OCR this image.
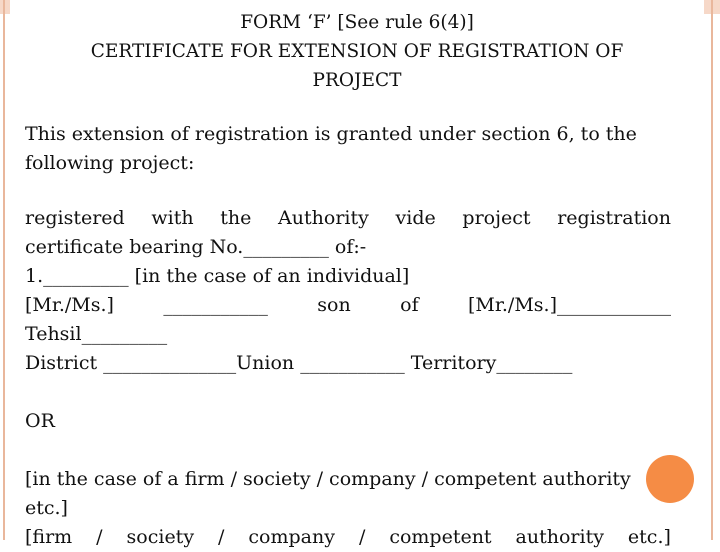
FORM ‘F’ [See rule 6(4)]
CERTIFICATE FOR EXTENSION OF REGISTRATION OF
PROJECT
This extension of registration is granted under section 6, to the
following project:
registered with the Authority vide project registration
certificate bearing No._________ of:-
1._________ [in the case of an individual]
[Mr./Ms.]	___________	son	of	[Mr./Ms.]____________
Tehsil_________
District ______________Union ___________ Territory________
OR
[in the case of a firm / society / company / competent authority
etc.]
[firm / society / company / competent authority etc.]
